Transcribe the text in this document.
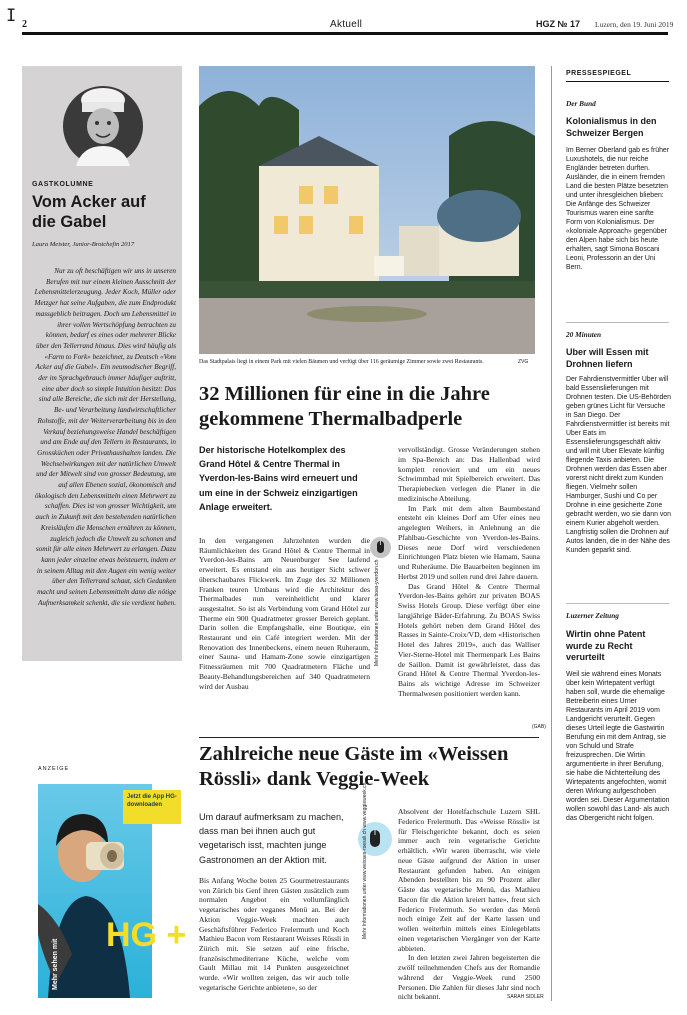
I 2	Aktuell	HGZ № 17 Luzern, den 19. Juni 2019
GASTKOLUMNE
Vom Acker auf die Gabel
Laura Meister, Junior-Brotchefin 2017
Nur zu oft beschäftigen wir uns in unseren Berufen mit nur einem kleinen Ausschnitt der Lebensmittelerzeugung. Jeder Koch, Müller oder Metzger hat seine Aufgaben, die zum Endprodukt massgeblich beitragen. Doch um Lebensmittel in ihrer vollen Wertschöpfung betrachten zu können, bedarf es eines oder mehrerer Blicke über den Tellerrand hinaus. Dies wird häufig als «Farm to Fork» bezeichnet, zu Deutsch «Vom Acker auf die Gabel». Ein neumodischer Begriff, der im Sprachgebrauch immer häufiger auftritt, eine aber doch so simple Intuition besitzt: Das sind alle Bereiche, die sich mit der Herstellung, Be- und Verarbeitung landwirtschaftlicher Rohstoffe, mit der Weiterverarbeitung bis in den Verkauf beziehungsweise Handel beschäftigen und am Ende auf den Tellern in Restaurants, in Grossküchen oder Privathaushalten landen. Die Wechselwirkungen mit der natürlichen Umwelt und der Mitwelt sind von grosser Bedeutung, um auf allen Ebenen sozial, ökonomisch und ökologisch den Lebensmitteln einen Mehrwert zu schaffen. Dies ist von grosser Wichtigkeit, um auch in Zukunft mit den bestehenden natürlichen Kreisläufen die Menschen ernähren zu können, zugleich jedoch die Umwelt zu schonen und somit für alle einen Mehrwert zu erlangen. Dazu kann jeder einzelne etwas beisteuern, indem er in seinem Alltag mit den Augen ein wenig weiter über den Tellerrand schaut, sich Gedanken macht und seinen Lebensmitteln dann die nötige Aufmerksamkeit schenkt, die sie verdient haben.
ANZEIGE
Jetzt die App HG-downloaden
Mehr sehen mit
HG +
Das Stadtpalais liegt in einem Park mit vielen Bäumen und verfügt über 116 geräumige Zimmer sowie zwei Restaurants.	ZVG
32 Millionen für eine in die Jahre gekommene Thermalbadperle
Der historische Hotelkomplex des Grand Hôtel & Centre Thermal in Yverdon-les-Bains wird erneuert und um eine in der Schweiz einzigartigen Anlage erweitert.
In den vergangenen Jahrzehnten wurden die Räumlichkeiten des Grand Hôtel & Centre Thermal in Yverdon-les-Bains am Neuenburger See laufend erweitert. Es entstand ein aus heutiger Sicht schwer überschaubares Flickwerk. Im Zuge des 32 Millionen Franken teuren Umbaus wird die Architektur des Thermalbades nun vereinheitlicht und klarer ausgestaltet. So ist als Verbindung vom Grand Hôtel zur Therme ein 900 Quadratmeter grosser Bereich geplant. Darin sollen die Empfangshalle, eine Boutique, ein Restaurant und ein Café integriert werden. Mit der Renovation des Innenbeckens, einem neuen Ruheraum, einer Sauna- und Hamam-Zone sowie einzigartigen Fitnessräumen mit 700 Quadratmetern Fläche und Beauty-Behandlungsbereichen auf 340 Quadratmetern wird der Ausbau
Mehr Informationen unter www.boas-yverdon.ch

vervollständigt. Grosse Veränderungen stehen im Spa-Bereich an: Das Hallenbad wird komplett renoviert und um ein neues Schwimmbad mit Spielbereich erweitert. Das Therapiebecken verlegen die Planer in die medizinische Abteilung.

Im Park mit dem alten Baumbestand entsteht ein kleines Dorf am Ufer eines neu angelegten Weihers, in Anlehnung an die Pfahlbau-Geschichte von Yverdon-les-Bains. Dieses neue Dorf wird verschiedenen Einrichtungen Platz bieten wie Hamam, Sauna und Ruheräume. Die Bauarbeiten beginnen im Herbst 2019 und sollen rund drei Jahre dauern.

Das Grand Hôtel & Centre Thermal Yverdon-les-Bains gehört zur privaten BOAS Swiss Hotels Group. Diese verfügt über eine langjährige Bäder-Erfahrung. Zu BOAS Swiss Hotels gehört neben dem Grand Hôtel des Rasses in Sainte-Croix/VD, dem «Historischen Hotel des Jahres 2019», auch das Walliser Vier-Sterne-Hotel mit Thermenpark Les Bains de Saillon. Damit ist gewährleistet, dass das Grand Hôtel & Centre Thermal Yverdon-les-Bains als wichtige Adresse im Schweizer Thermalwesen positioniert werden kann.

(GAB)
Zahlreiche neue Gäste im «Weissen Rössli» dank Veggie-Week
Um darauf aufmerksam zu machen, dass man bei ihnen auch gut vegetarisch isst, machten junge Gastronomen an der Aktion mit.
Bis Anfang Woche boten 25 Gourmetrestaurants von Zürich bis Genf ihren Gästen zusätzlich zum normalen Angebot ein vollumfänglich vegetarisches oder veganes Menü an. Bei der Aktion Veggie-Week machten auch Geschäftsführer Federico Frelermuth und Koch Mathieu Bacon vom Restaurant Weisses Rössli in Zürich mit. Sie setzen auf eine frische, französischmediterrane Küche, welche vom Gault Millau mit 14 Punkten ausgezeichnet wurde. «Wir wollten zeigen, das wir auch tolle vegetarische Gerichte anbieten», so der
Mehr Informationen unter www.weisses-roessli.ch www.veggieweek.ch	Absolvent der Hotelfachschule Luzern SHL Federico Frelermuth. Das «Weisse Rössli» ist für Fleischgerichte bekannt, doch es seien immer auch rein vegetarische Gerichte erhältlich. «Wir waren überrascht, wie viele neue Gäste aufgrund der Aktion in unser Restaurant gefunden haben. An einigen Abenden bestellten bis zu 90 Prozent aller Gäste das vegetarische Menü, das Mathieu Bacon für die Aktion kreiert hatte», freut sich Federico Frelermuth. So werden das Menü noch einige Zeit auf der Karte lassen und wollen weiterhin mittels eines Einlegeblatts einen vegetarischen Viergänger von der Karte abbieten.

In den letzten zwei Jahren begeisterten die zwölf teilnehmenden Chefs aus der Romandie während der Veggie-Week rund 2500 Personen. Die Zahlen für dieses Jahr sind noch nicht bekannt.	SARAH SIDLER
PRESSESPIEGEL
Der Bund
Kolonialismus in den Schweizer Bergen
Im Berner Oberland gab es früher Luxushotels, die nur reiche Engländer betreten durften. Ausländer, die in einem fremden Land die besten Plätze besetzten und unter ihresgleichen blieben: Die Anfänge des Schweizer Tourismus waren eine sanfte Form von Kolonialismus. Der «koloniale Approach» gegenüber den Alpen habe sich bis heute erhalten, sagt Simona Boscani Leoni, Professorin an der Uni Bern.
20 Minuten
Uber will Essen mit Drohnen liefern
Der Fahrdienstvermittler Uber will bald Essenslieferungen mit Drohnen testen. Die US-Behörden geben grünes Licht für Versuche in San Diego. Der Fahrdienstvermittler ist bereits mit Uber Eats im Essenslieferungsgeschäft aktiv und will mit Uber Elevate künftig fliegende Taxis anbieten. Die Drohnen werden das Essen aber vorerst nicht direkt zum Kunden fliegen. Vielmehr sollen Hamburger, Sushi und Co per Drohne in eine gesicherte Zone gebracht werden, wo sie dann von einem Kurier abgeholt werden. Langfristig sollen die Drohnen auf Autos landen, die in der Nähe des Kunden geparkt sind.
Luzerner Zeitung
Wirtin ohne Patent wurde zu Recht verurteilt
Weil sie während eines Monats über kein Wirtepatent verfügt haben soll, wurde die ehemalige Betreiberin eines Urner Restaurants im April 2019 vom Landgericht verurteilt. Gegen dieses Urteil legte die Gastwirtin Berufung ein mit dem Antrag, sie von Schuld und Strafe freizusprechen. Die Wirtin argumentierte in ihrer Berufung, sie habe die Nichterteilung des Wirtepatents angefochten, womit deren Wirkung aufgeschoben worden sei. Dieser Argumentation wollen sowohl das Land- als auch das Obergericht nicht folgen.
